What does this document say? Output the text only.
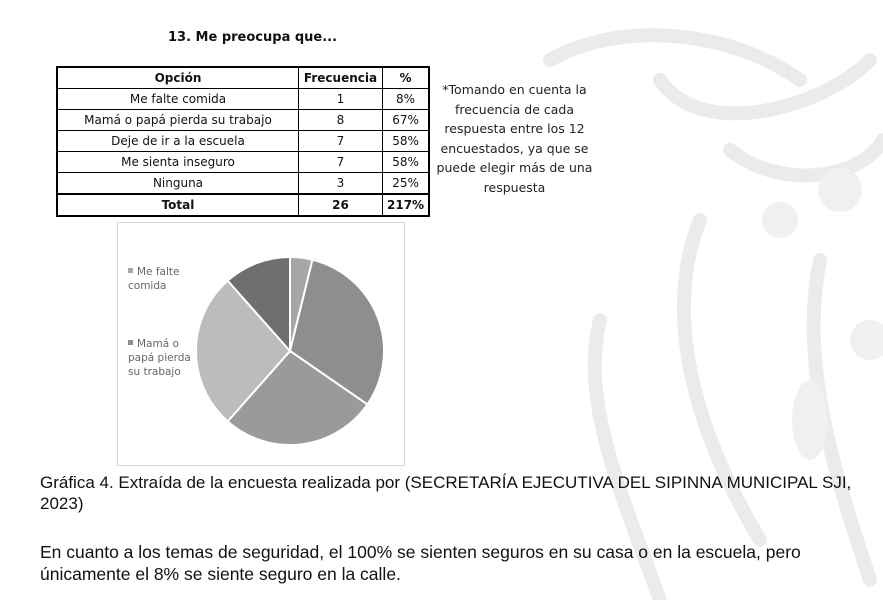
13. Me preocupa que...
Opción	Frecuencia	%
Me falte comida	1	8%
Mamá o papá pierda su trabajo	8	67%
Deje de ir a la escuela	7	58%
Me sienta inseguro	7	58%
Ninguna	3	25%
Total	26	217%
*Tomando en cuenta la frecuencia de cada respuesta entre los 12 encuestados, ya que se puede elegir más de una respuesta
Me falte comida
Mamá o papá pierda su trabajo
Gráfica 4. Extraída de la encuesta realizada por (SECRETARÍA EJECUTIVA DEL SIPINNA MUNICIPAL SJI, 2023)
En cuanto a los temas de seguridad, el 100% se sienten seguros en su casa o en la escuela, pero únicamente el 8% se siente seguro en la calle.
